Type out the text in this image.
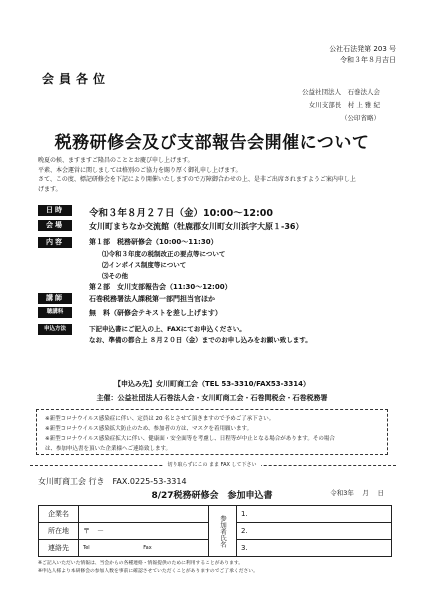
公社石法発第 203 号
令和３年８月吉日
会員各位
公益社団法人　石巻法人会
女川支部長　村 上 雅 紀
（公印省略）
税務研修会及び支部報告会開催について
晩夏の候、ますますご隆昌のこととお慶び申し上げます。
平素、本会運営に関しましては格別のご協力を賜り厚く御礼申し上げます。
さて、この度、標記研修会を下記により開催いたしますので万障御合わせの上、是非ご出席されますようご案内申し上
げます。
日時	令和３年８月２７日（金）10:00～12:00
会場	女川町まちなか交流館（牡鹿郡女川町女川浜字大原１-36）
内容	第１部　税務研修会（10:00～11:30）
⑴令和３年度の税制改正の要点等について
⑵インボイス制度等について
⑶その他
第２部　女川支部報告会（11:30～12:00）
講師	石巻税務署法人課税第一部門担当官ほか
聴講料	無　料（研修会テキストを差し上げます）
申込方法	下記申込書にご記入の上、FAXにてお申込ください。
なお、準備の都合上 ８月２０日（金）までのお申し込みをお願い致します。
【申込み先】女川町商工会（TEL 53-3310/FAX53-3314）
主催：公益社団法人石巻法人会・女川町商工会・石巻間税会・石巻税務署
※新型コロナウイルス感染症に伴い、定員は 20 名とさせて頂きますので予めご了承下さい。
※新型コロナウイルス感染拡大防止のため、参加者の方は、マスクを着用願います。
※新型コロナウイルス感染症拡大に伴い、健康面・安全面等を考慮し、日程等が中止となる場合があります。その場合
は、参加申込書を頂いた企業様へご連絡致します。
切り取らずにこの まま FAX して下さい
女川町商工会 行き　FAX.0225-53-3314
8/27税務研修会　参加申込書	令和3年　 月　 日
企業名		参加者氏名	1.
所在地	〒　－		2.
連絡先	Tel Fax		3.
※ご記入いただいた情報は、当会からの各種連絡・情報提供のために利用することがあります。
※申込人様より本研修会の参加人数を事前に確認させていただくことがありますのでご了承ください。
